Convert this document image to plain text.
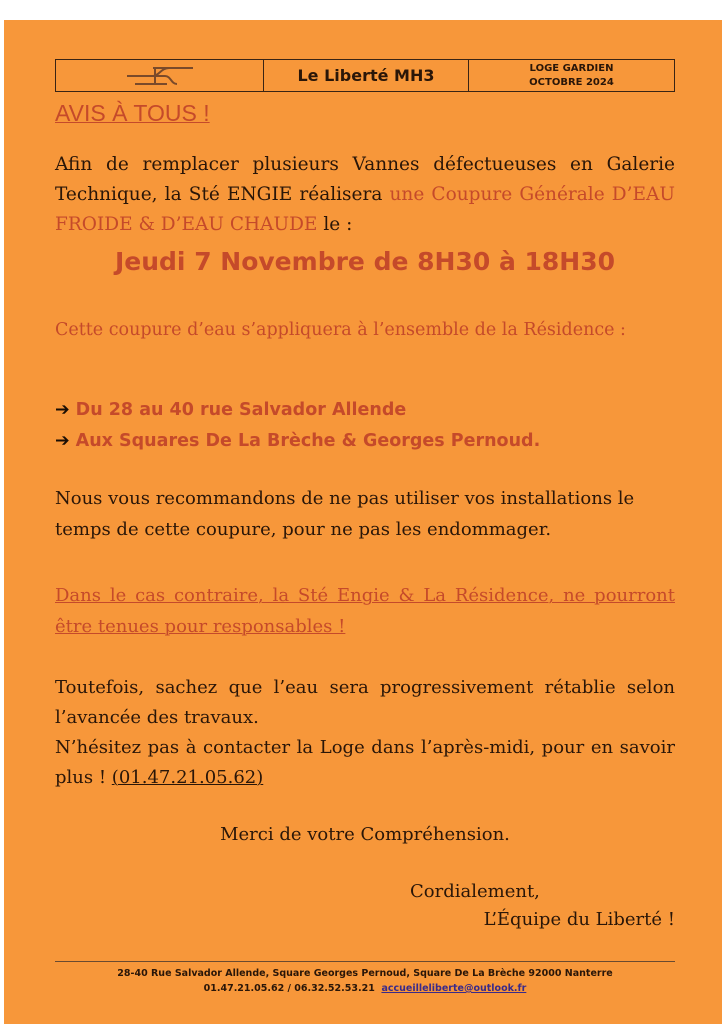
Le Liberté MH3	LOGE GARDIEN
OCTOBRE 2024

AVIS À TOUS !

Afin de remplacer plusieurs Vannes défectueuses en Galerie Technique, la Sté ENGIE réalisera une Coupure Générale D’EAU FROIDE & D’EAU CHAUDE le :

Jeudi 7 Novembre de 8H30 à 18H30

Cette coupure d’eau s’appliquera à l’ensemble de la Résidence :

➔ Du 28 au 40 rue Salvador Allende

➔ Aux Squares De La Brèche & Georges Pernoud.

Nous vous recommandons de ne pas utiliser vos installations le temps de cette coupure, pour ne pas les endommager.

Dans le cas contraire, la Sté Engie & La Résidence, ne pourront être tenues pour responsables !

Toutefois, sachez que l’eau sera progressivement rétablie selon l’avancée des travaux.
N’hésitez pas à contacter la Loge dans l’après-midi, pour en savoir plus ! (01.47.21.05.62)

Merci de votre Compréhension.

Cordialement,

L’Équipe du Liberté !

28-40 Rue Salvador Allende, Square Georges Pernoud, Square De La Brèche 92000 Nanterre

01.47.21.05.62 / 06.32.52.53.21 accueilleliberte@outlook.fr
